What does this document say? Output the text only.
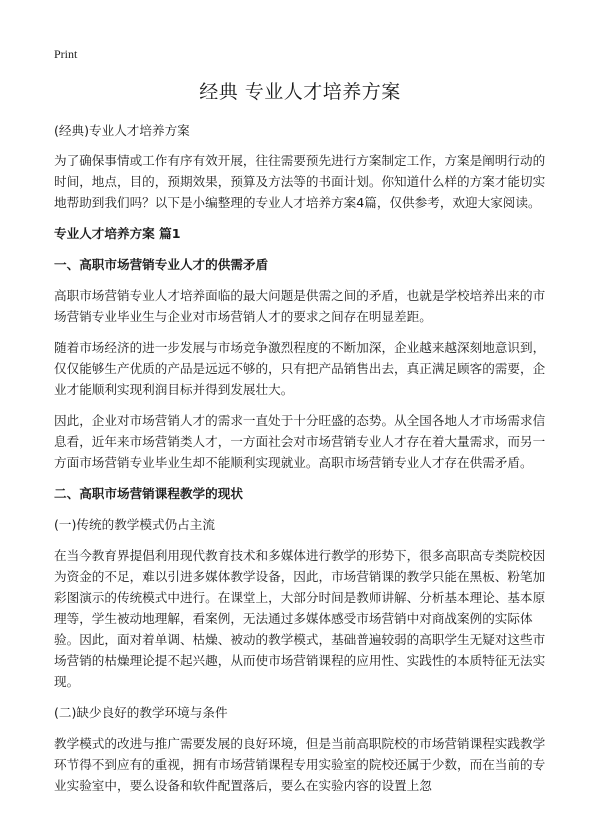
Print
经典 专业人才培养方案

(经典)专业人才培养方案

为了确保事情或工作有序有效开展，往往需要预先进行方案制定工作，方案是阐明行动的时间，地点，目的，预期效果，预算及方法等的书面计划。你知道什么样的方案才能切实地帮助到我们吗？以下是小编整理的专业人才培养方案4篇，仅供参考，欢迎大家阅读。

专业人才培养方案 篇1

一、高职市场营销专业人才的供需矛盾

高职市场营销专业人才培养面临的最大问题是供需之间的矛盾，也就是学校培养出来的市场营销专业毕业生与企业对市场营销人才的要求之间存在明显差距。

随着市场经济的进一步发展与市场竞争激烈程度的不断加深，企业越来越深刻地意识到，仅仅能够生产优质的产品是远远不够的，只有把产品销售出去，真正满足顾客的需要，企业才能顺利实现利润目标并得到发展壮大。

因此，企业对市场营销人才的需求一直处于十分旺盛的态势。从全国各地人才市场需求信息看，近年来市场营销类人才，一方面社会对市场营销专业人才存在着大量需求，而另一方面市场营销专业毕业生却不能顺利实现就业。高职市场营销专业人才存在供需矛盾。

二、高职市场营销课程教学的现状

(一)传统的教学模式仍占主流

在当今教育界提倡利用现代教育技术和多媒体进行教学的形势下，很多高职高专类院校因为资金的不足，难以引进多媒体教学设备，因此，市场营销课的教学只能在黑板、粉笔加彩图演示的传统模式中进行。在课堂上，大部分时间是教师讲解、分析基本理论、基本原理等，学生被动地理解，看案例，无法通过多媒体感受市场营销中对商战案例的实际体验。因此，面对着单调、枯燥、被动的教学模式，基础普遍较弱的高职学生无疑对这些市场营销的枯燥理论提不起兴趣，从而使市场营销课程的应用性、实践性的本质特征无法实现。

(二)缺少良好的教学环境与条件

教学模式的改进与推广需要发展的良好环境，但是当前高职院校的市场营销课程实践教学环节得不到应有的重视，拥有市场营销课程专用实验室的院校还属于少数，而在当前的专业实验室中，要么设备和软件配置落后，要么在实验内容的设置上忽
